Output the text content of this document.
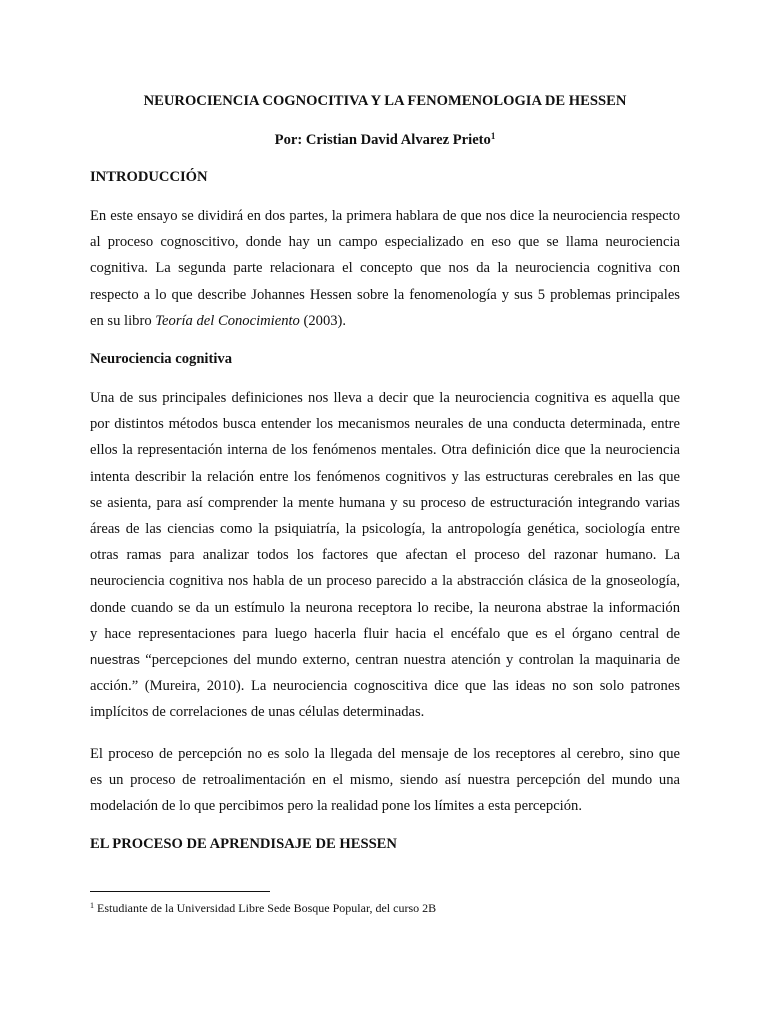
NEUROCIENCIA COGNOCITIVA Y LA FENOMENOLOGIA DE HESSEN

Por: Cristian David Alvarez Prieto$^1$

INTRODUCCIÓN

En este ensayo se dividirá en dos partes, la primera hablara de que nos dice la neurociencia respecto
al proceso cognoscitivo, donde hay un campo especializado en eso que se llama neurociencia
cognitiva. La segunda parte relacionara el concepto que nos da la neurociencia cognitiva con
respecto a lo que describe Johannes Hessen sobre la fenomenología y sus 5 problemas principales
en su libro Teoría del Conocimiento (2003).

Neurociencia cognitiva

Una de sus principales definiciones nos lleva a decir que la neurociencia cognitiva es aquella que
por distintos métodos busca entender los mecanismos neurales de una conducta determinada, entre
ellos la representación interna de los fenómenos mentales. Otra definición dice que la neurociencia
intenta describir la relación entre los fenómenos cognitivos y las estructuras cerebrales en las que
se asienta, para así comprender la mente humana y su proceso de estructuración integrando varias
áreas de las ciencias como la psiquiatría, la psicología, la antropología genética, sociología entre
otras ramas para analizar todos los factores que afectan el proceso del razonar humano. La
neurociencia cognitiva nos habla de un proceso parecido a la abstracción clásica de la gnoseología,
donde cuando se da un estímulo la neurona receptora lo recibe, la neurona abstrae la información
y hace representaciones para luego hacerla fluir hacia el encéfalo que es el órgano central de
nuestras “percepciones del mundo externo, centran nuestra atención y controlan la maquinaria de
acción.” (Mureira, 2010). La neurociencia cognoscitiva dice que las ideas no son solo patrones
implícitos de correlaciones de unas células determinadas.
El proceso de percepción no es solo la llegada del mensaje de los receptores al cerebro, sino que
es un proceso de retroalimentación en el mismo, siendo así nuestra percepción del mundo una
modelación de lo que percibimos pero la realidad pone los límites a esta percepción.

EL PROCESO DE APRENDISAJE DE HESSEN

$^1$ Estudiante de la Universidad Libre Sede Bosque Popular, del curso 2B
